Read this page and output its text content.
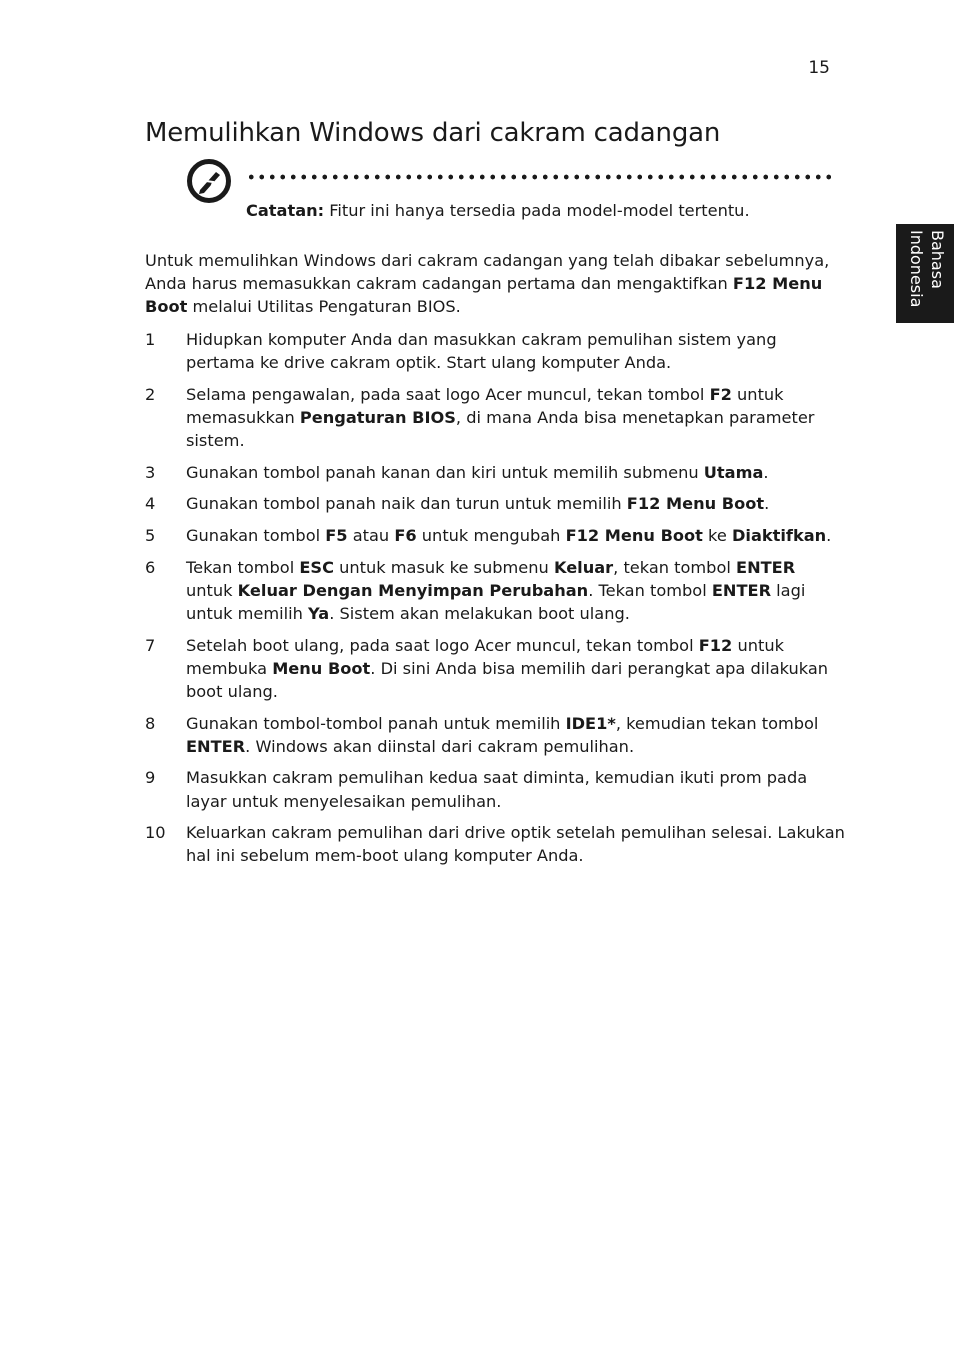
15
Memulihkan Windows dari cakram cadangan
Catatan: Fitur ini hanya tersedia pada model-model tertentu.
Untuk memulihkan Windows dari cakram cadangan yang telah dibakar sebelumnya, Anda harus memasukkan cakram cadangan pertama dan mengaktifkan F12 Menu Boot melalui Utilitas Pengaturan BIOS.
1 Hidupkan komputer Anda dan masukkan cakram pemulihan sistem yang pertama ke drive cakram optik. Start ulang komputer Anda.
2 Selama pengawalan, pada saat logo Acer muncul, tekan tombol F2 untuk memasukkan Pengaturan BIOS, di mana Anda bisa menetapkan parameter sistem.
3 Gunakan tombol panah kanan dan kiri untuk memilih submenu Utama.
4 Gunakan tombol panah naik dan turun untuk memilih F12 Menu Boot.
5 Gunakan tombol F5 atau F6 untuk mengubah F12 Menu Boot ke Diaktifkan.
6 Tekan tombol ESC untuk masuk ke submenu Keluar, tekan tombol ENTER untuk Keluar Dengan Menyimpan Perubahan. Tekan tombol ENTER lagi untuk memilih Ya. Sistem akan melakukan boot ulang.
7 Setelah boot ulang, pada saat logo Acer muncul, tekan tombol F12 untuk membuka Menu Boot. Di sini Anda bisa memilih dari perangkat apa dilakukan boot ulang.
8 Gunakan tombol-tombol panah untuk memilih IDE1*, kemudian tekan tombol ENTER. Windows akan diinstal dari cakram pemulihan.
9 Masukkan cakram pemulihan kedua saat diminta, kemudian ikuti prom pada layar untuk menyelesaikan pemulihan.
10 Keluarkan cakram pemulihan dari drive optik setelah pemulihan selesai. Lakukan hal ini sebelum mem-boot ulang komputer Anda.
Bahasa
Indonesia
